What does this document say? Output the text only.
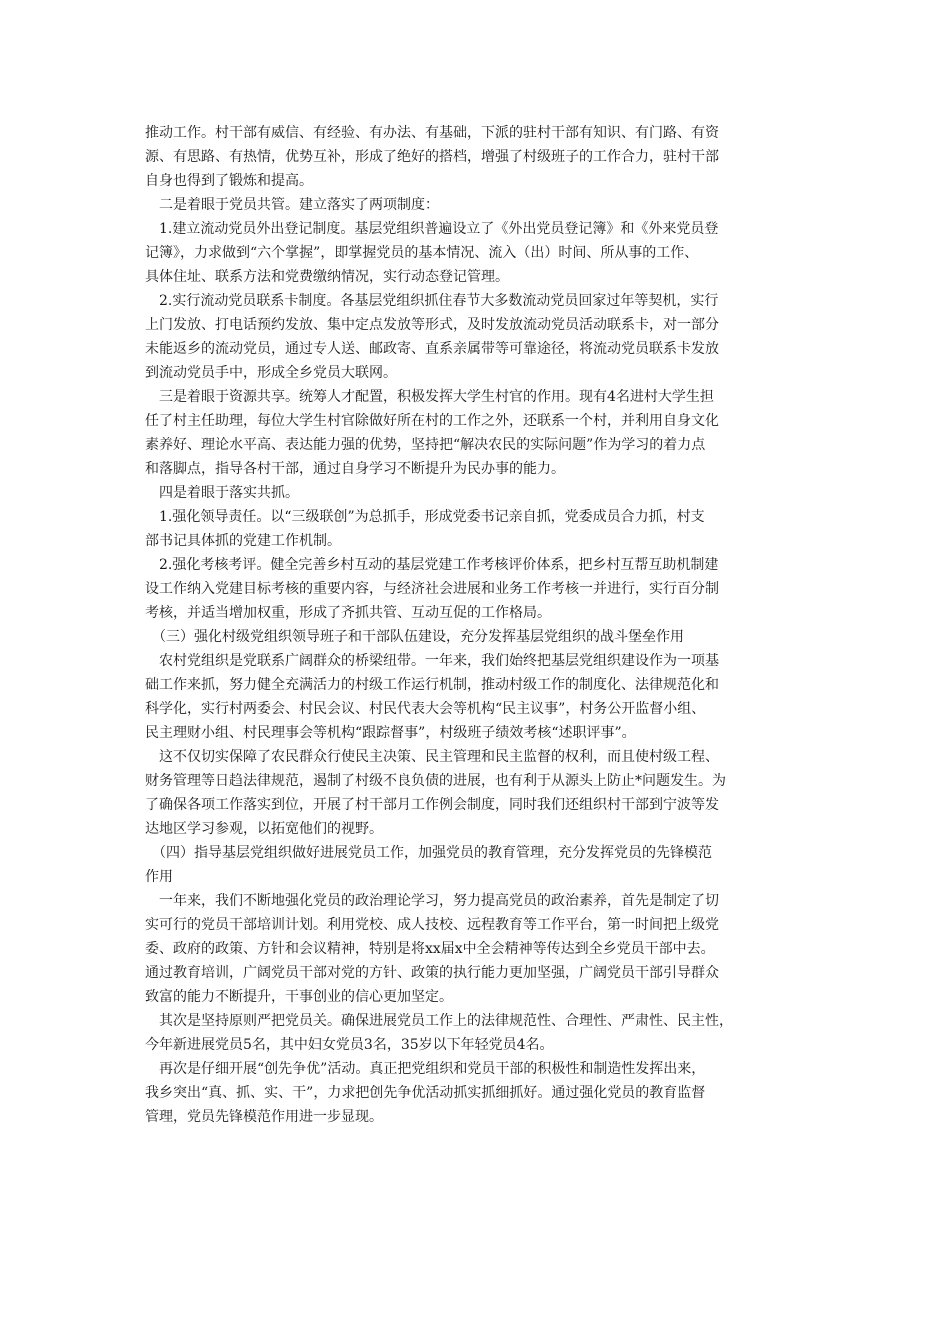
推动工作。村干部有威信、有经验、有办法、有基础，下派的驻村干部有知识、有门路、有资
源、有思路、有热情，优势互补，形成了绝好的搭档，增强了村级班子的工作合力，驻村干部
自身也得到了锻炼和提高。
　二是着眼于党员共管。建立落实了两项制度：
　1.建立流动党员外出登记制度。基层党组织普遍设立了《外出党员登记簿》和《外来党员登
记簿》，力求做到“六个掌握”，即掌握党员的基本情况、流入（出）时间、所从事的工作、
具体住址、联系方法和党费缴纳情况，实行动态登记管理。
　2.实行流动党员联系卡制度。各基层党组织抓住春节大多数流动党员回家过年等契机，实行
上门发放、打电话预约发放、集中定点发放等形式，及时发放流动党员活动联系卡，对一部分
未能返乡的流动党员，通过专人送、邮政寄、直系亲属带等可靠途径，将流动党员联系卡发放
到流动党员手中，形成全乡党员大联网。
　三是着眼于资源共享。统筹人才配置，积极发挥大学生村官的作用。现有4名进村大学生担
任了村主任助理，每位大学生村官除做好所在村的工作之外，还联系一个村，并利用自身文化
素养好、理论水平高、表达能力强的优势，坚持把“解决农民的实际问题”作为学习的着力点
和落脚点，指导各村干部，通过自身学习不断提升为民办事的能力。
　四是着眼于落实共抓。
　1.强化领导责任。以“三级联创”为总抓手，形成党委书记亲自抓，党委成员合力抓，村支
部书记具体抓的党建工作机制。
　2.强化考核考评。健全完善乡村互动的基层党建工作考核评价体系，把乡村互帮互助机制建
设工作纳入党建目标考核的重要内容，与经济社会进展和业务工作考核一并进行，实行百分制
考核，并适当增加权重，形成了齐抓共管、互动互促的工作格局。
　（三）强化村级党组织领导班子和干部队伍建设，充分发挥基层党组织的战斗堡垒作用
　农村党组织是党联系广阔群众的桥梁纽带。一年来，我们始终把基层党组织建设作为一项基
础工作来抓，努力健全充满活力的村级工作运行机制，推动村级工作的制度化、法律规范化和
科学化，实行村两委会、村民会议、村民代表大会等机构“民主议事”，村务公开监督小组、
民主理财小组、村民理事会等机构“跟踪督事”，村级班子绩效考核“述职评事”。
　这不仅切实保障了农民群众行使民主决策、民主管理和民主监督的权利，而且使村级工程、
财务管理等日趋法律规范，遏制了村级不良负债的进展，也有利于从源头上防止*问题发生。为
了确保各项工作落实到位，开展了村干部月工作例会制度，同时我们还组织村干部到宁波等发
达地区学习参观，以拓宽他们的视野。
　（四）指导基层党组织做好进展党员工作，加强党员的教育管理，充分发挥党员的先锋模范
作用
　一年来，我们不断地强化党员的政治理论学习，努力提高党员的政治素养，首先是制定了切
实可行的党员干部培训计划。利用党校、成人技校、远程教育等工作平台，第一时间把上级党
委、政府的政策、方针和会议精神，特别是将xx届x中全会精神等传达到全乡党员干部中去。
通过教育培训，广阔党员干部对党的方针、政策的执行能力更加坚强，广阔党员干部引导群众
致富的能力不断提升，干事创业的信心更加坚定。
　其次是坚持原则严把党员关。确保进展党员工作上的法律规范性、合理性、严肃性、民主性，
今年新进展党员5名，其中妇女党员3名，35岁以下年轻党员4名。
　再次是仔细开展“创先争优”活动。真正把党组织和党员干部的积极性和制造性发挥出来，
我乡突出“真、抓、实、干”，力求把创先争优活动抓实抓细抓好。通过强化党员的教育监督
管理，党员先锋模范作用进一步显现。
